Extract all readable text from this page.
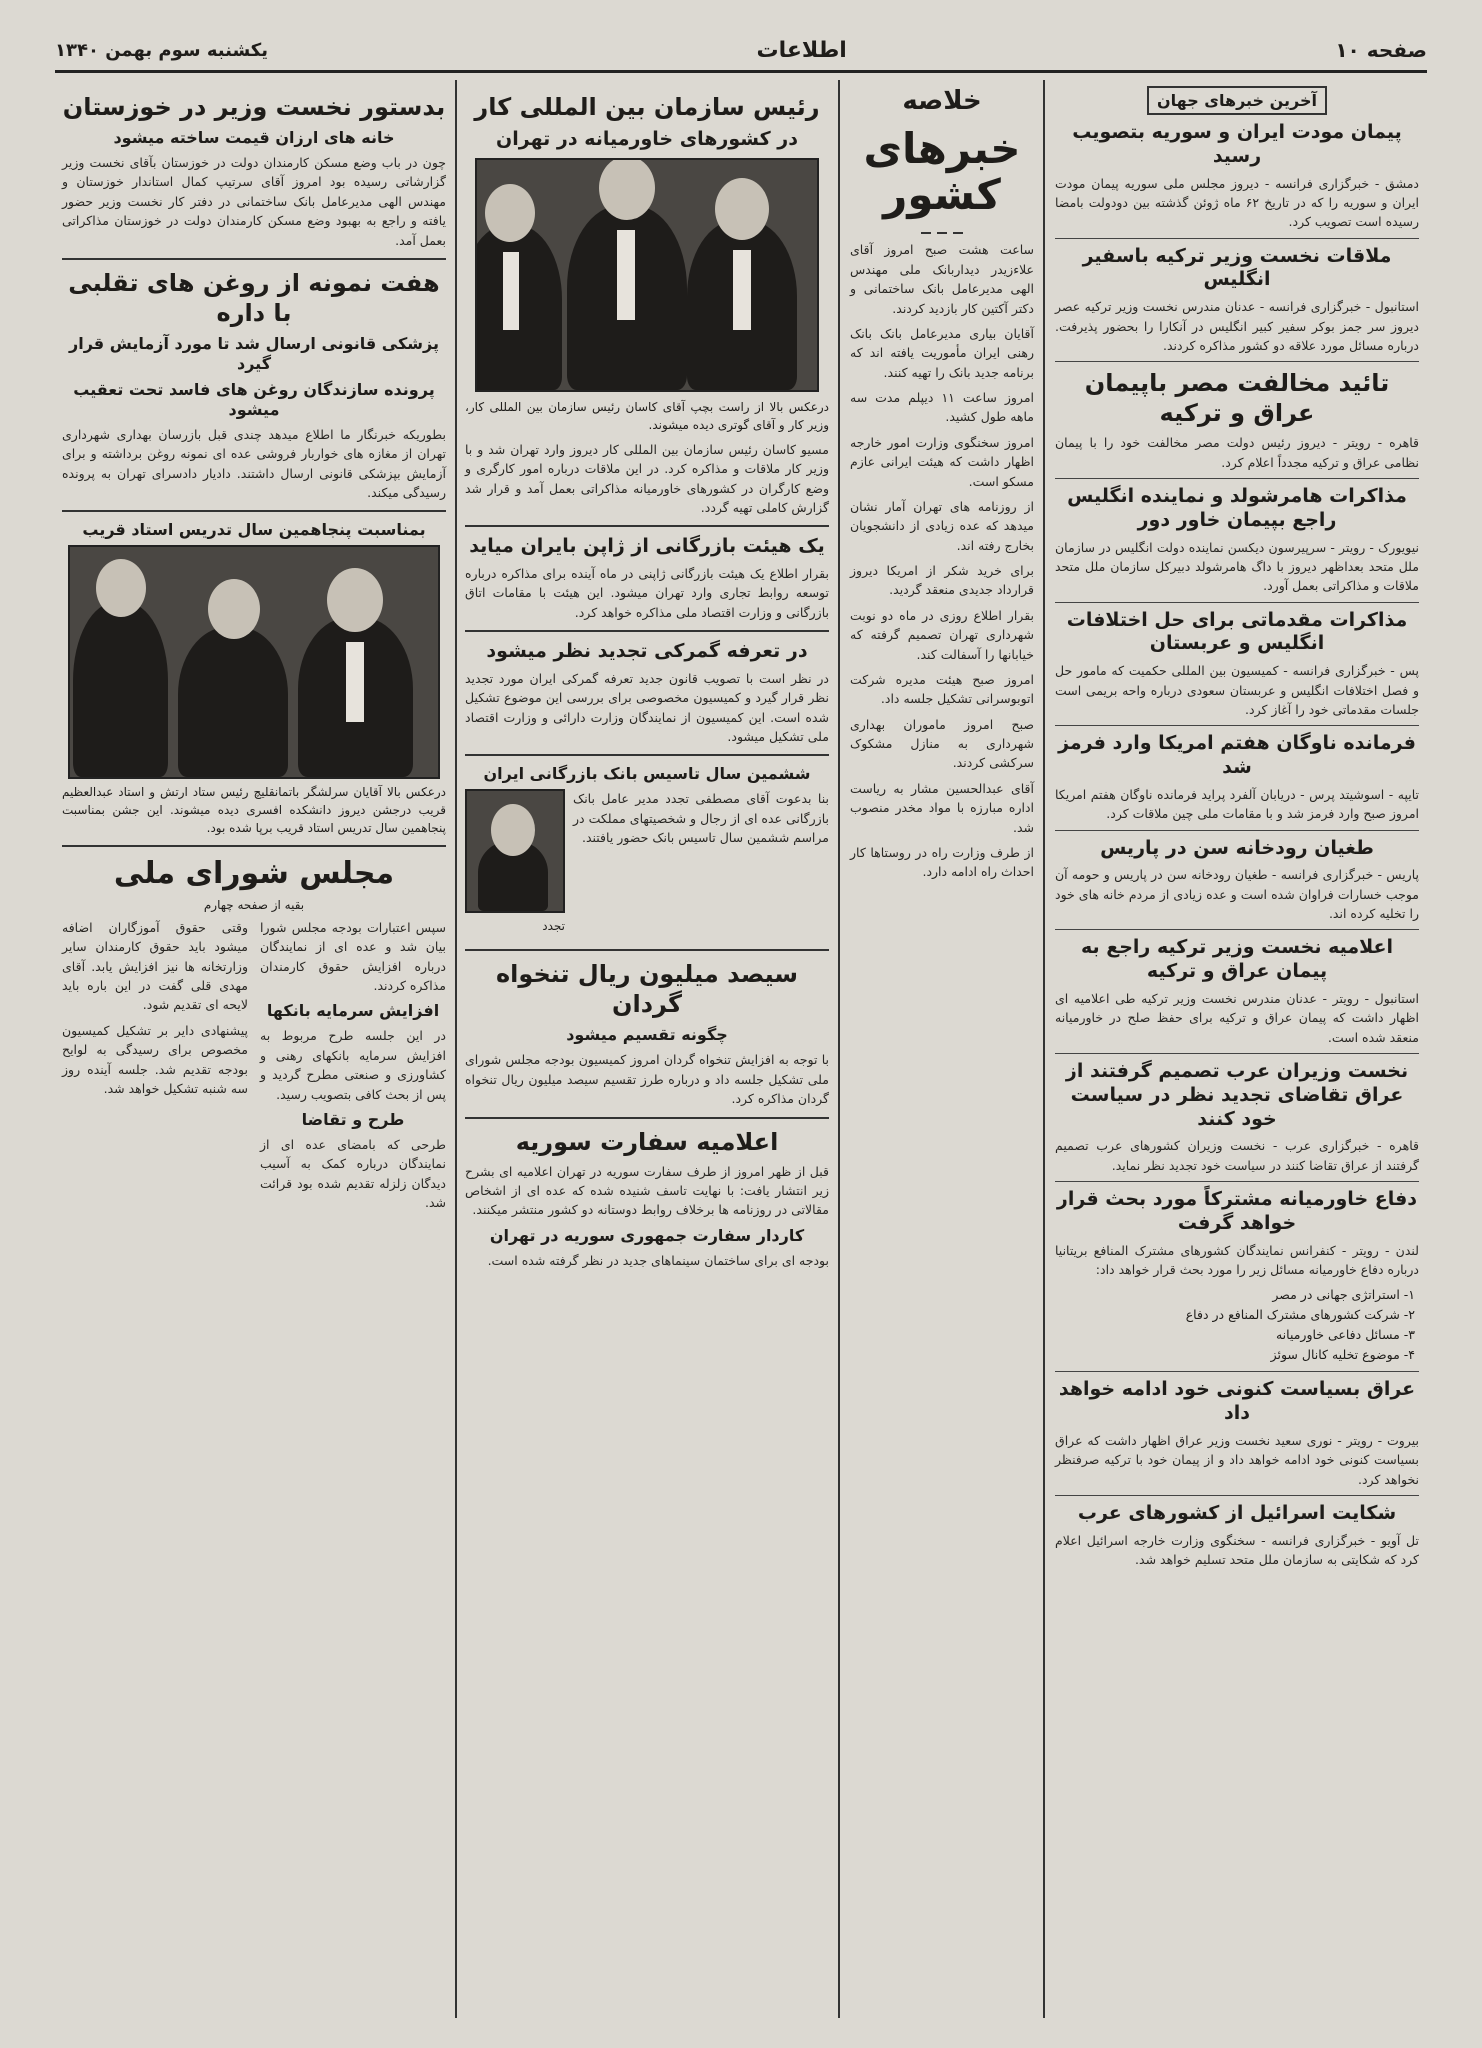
صفحه ۱۰
اطلاعات
یکشنبه سوم بهمن ۱۳۴۰
آخرین خبرهای جهان
پیمان مودت ایران و سوریه بتصویب رسید

دمشق - خبرگزاری فرانسه - دیروز مجلس ملی سوریه پیمان مودت ایران و سوریه را که در تاریخ ۶۲ ماه ژوئن گذشته بین دودولت بامضا رسیده است تصویب کرد.

ملاقات نخست وزیر ترکیه باسفیر انگلیس

استانبول - خبرگزاری فرانسه - عدنان مندرس نخست وزیر ترکیه عصر دیروز سر جمز بوکر سفیر کبیر انگلیس در آنکارا را بحضور پذیرفت. درباره مسائل مورد علاقه دو کشور مذاکره کردند.

تائید مخالفت مصر باپیمان عراق و ترکیه

قاهره - رویتر - دیروز رئیس دولت مصر مخالفت خود را با پیمان نظامی عراق و ترکیه مجدداً اعلام کرد.

مذاکرات هامرشولد و نماینده انگلیس راجع بپیمان خاور دور

نیویورک - رویتر - سرپیرسون دیکسن نماینده دولت انگلیس در سازمان ملل متحد بعداظهر دیروز با داگ هامرشولد دبیرکل سازمان ملل متحد ملاقات و مذاکراتی بعمل آورد.

مذاکرات مقدماتی برای حل اختلافات انگلیس و عربستان

پس - خبرگزاری فرانسه - کمیسیون بین المللی حکمیت که مامور حل و فصل اختلافات انگلیس و عربستان سعودی درباره واحه بریمی است جلسات مقدماتی خود را آغاز کرد.

فرمانده ناوگان هفتم امریکا وارد فرمز شد

تایپه - اسوشیتد پرس - دریابان آلفرد پراید فرمانده ناوگان هفتم امریکا امروز صبح وارد فرمز شد و با مقامات ملی چین ملاقات کرد.

طغیان رودخانه سن در پاریس

پاریس - خبرگزاری فرانسه - طغیان رودخانه سن در پاریس و حومه آن موجب خسارات فراوان شده است و عده زیادی از مردم خانه های خود را تخلیه کرده اند.

اعلامیه نخست وزیر ترکیه راجع به پیمان عراق و ترکیه

استانبول - رویتر - عدنان مندرس نخست وزیر ترکیه طی اعلامیه ای اظهار داشت که پیمان عراق و ترکیه برای حفظ صلح در خاورمیانه منعقد شده است.

نخست وزیران عرب تصمیم گرفتند از عراق تقاضای تجدید نظر در سیاست خود کنند

قاهره - خبرگزاری عرب - نخست وزیران کشورهای عرب تصمیم گرفتند از عراق تقاضا کنند در سیاست خود تجدید نظر نماید.

دفاع خاورمیانه مشترکاً مورد بحث قرار خواهد گرفت

لندن - رویتر - کنفرانس نمایندگان کشورهای مشترک المنافع بریتانیا درباره دفاع خاورمیانه مسائل زیر را مورد بحث قرار خواهد داد:

۱- استراتژی جهانی در مصر
۲- شرکت کشورهای مشترک المنافع در دفاع
۳- مسائل دفاعی خاورمیانه
۴- موضوع تخلیه کانال سوئز
عراق بسیاست کنونی خود ادامه خواهد داد

بیروت - رویتر - نوری سعید نخست وزیر عراق اظهار داشت که عراق بسیاست کنونی خود ادامه خواهد داد و از پیمان خود با ترکیه صرفنظر نخواهد کرد.

شکایت اسرائیل از کشورهای عرب

تل آویو - خبرگزاری فرانسه - سخنگوی وزارت خارجه اسرائیل اعلام کرد که شکایتی به سازمان ملل متحد تسلیم خواهد شد.

خلاصه
خبرهای کشور

ساعت هشت صبح امروز آقای علاءزیدر دیداربانک ملی مهندس الهی مدیرعامل بانک ساختمانی و دکتر آکتین کار بازدید کردند.

آقایان بیاری مدیرعامل بانک بانک رهنی ایران مأموریت یافته اند که برنامه جدید بانک را تهیه کنند.

امروز ساعت ۱۱ دیپلم مدت سه ماهه طول کشید.

امروز سخنگوی وزارت امور خارجه اظهار داشت که هیئت ایرانی عازم مسکو است.

از روزنامه های تهران آمار نشان میدهد که عده زیادی از دانشجویان بخارج رفته اند.

برای خرید شکر از امریکا دیروز قرارداد جدیدی منعقد گردید.

بقرار اطلاع روزی در ماه دو نوبت شهرداری تهران تصمیم گرفته که خیابانها را آسفالت کند.

امروز صبح هیئت مدیره شرکت اتوبوسرانی تشکیل جلسه داد.

صبح امروز ماموران بهداری شهرداری به منازل مشکوک سرکشی کردند.

آقای عبدالحسین مشار به ریاست اداره مبارزه با مواد مخدر منصوب شد.

از طرف وزارت راه در روستاها کار احداث راه ادامه دارد.

رئیس سازمان بین المللی کار
در کشورهای خاورمیانه در تهران

درعکس بالا از راست بچپ آقای کاسان رئیس سازمان بین المللی کار، وزیر کار و آقای گوتری دیده میشوند.

مسیو کاسان رئیس سازمان بین المللی کار دیروز وارد تهران شد و با وزیر کار ملاقات و مذاکره کرد. در این ملاقات درباره امور کارگری و وضع کارگران در کشورهای خاورمیانه مذاکراتی بعمل آمد و قرار شد گزارش کاملی تهیه گردد.

یک هیئت بازرگانی از ژاپن بایران میاید

بقرار اطلاع یک هیئت بازرگانی ژاپنی در ماه آینده برای مذاکره درباره توسعه روابط تجاری وارد تهران میشود. این هیئت با مقامات اتاق بازرگانی و وزارت اقتصاد ملی مذاکره خواهد کرد.

در تعرفه گمرکی تجدید نظر میشود

در نظر است با تصویب قانون جدید تعرفه گمرکی ایران مورد تجدید نظر قرار گیرد و کمیسیون مخصوصی برای بررسی این موضوع تشکیل شده است. این کمیسیون از نمایندگان وزارت دارائی و وزارت اقتصاد ملی تشکیل میشود.

ششمین سال تاسیس بانک بازرگانی ایران

بنا بدعوت آقای مصطفی تجدد مدیر عامل بانک بازرگانی عده ای از رجال و شخصیتهای مملکت در مراسم ششمین سال تاسیس بانک حضور یافتند.

تجدد
سیصد میلیون ریال تنخواه گردان
چگونه تقسیم میشود

با توجه به افزایش تنخواه گردان امروز کمیسیون بودجه مجلس شورای ملی تشکیل جلسه داد و درباره طرز تقسیم سیصد میلیون ریال تنخواه گردان مذاکره کرد.

اعلامیه سفارت سوریه

قبل از ظهر امروز از طرف سفارت سوریه در تهران اعلامیه ای بشرح زیر انتشار یافت: با نهایت تاسف شنیده شده که عده ای از اشخاص مقالاتی در روزنامه ها برخلاف روابط دوستانه دو کشور منتشر میکنند.

کاردار سفارت جمهوری سوریه در تهران

بودجه ای برای ساختمان سینماهای جدید در نظر گرفته شده است.

بدستور نخست وزیر در خوزستان
خانه های ارزان قیمت ساخته میشود

چون در باب وضع مسکن کارمندان دولت در خوزستان بآقای نخست وزیر گزارشاتی رسیده بود امروز آقای سرتیپ کمال استاندار خوزستان و مهندس الهی مدیرعامل بانک ساختمانی در دفتر کار نخست وزیر حضور یافته و راجع به بهبود وضع مسکن کارمندان دولت در خوزستان مذاکراتی بعمل آمد.

هفت نمونه از روغن های تقلبی با داره
پزشکی قانونی ارسال شد تا مورد آزمایش قرار گیرد
پرونده سازندگان روغن های فاسد تحت تعقیب میشود

بطوریکه خبرنگار ما اطلاع میدهد چندی قبل بازرسان بهداری شهرداری تهران از مغازه های خواربار فروشی عده ای نمونه روغن برداشته و برای آزمایش بپزشکی قانونی ارسال داشتند. دادیار دادسرای تهران به پرونده رسیدگی میکند.

بمناسبت پنجاهمین سال تدریس استاد قریب

درعکس بالا آقایان سرلشگر باتمانقلیچ رئیس ستاد ارتش و استاد عبدالعظیم قریب درجشن دیروز دانشکده افسری دیده میشوند. این جشن بمناسبت پنجاهمین سال تدریس استاد قریب برپا شده بود.

مجلس شورای ملی
بقیه از صفحه چهارم

سپس اعتبارات بودجه مجلس شورا بیان شد و عده ای از نمایندگان درباره افزایش حقوق کارمندان مذاکره کردند.

افزایش سرمایه بانکها

در این جلسه طرح مربوط به افزایش سرمایه بانکهای رهنی و کشاورزی و صنعتی مطرح گردید و پس از بحث کافی بتصویب رسید.

طرح و تقاضا

طرحی که بامضای عده ای از نمایندگان درباره کمک به آسیب دیدگان زلزله تقدیم شده بود قرائت شد.

وقتی حقوق آموزگاران اضافه میشود باید حقوق کارمندان سایر وزارتخانه ها نیز افزایش یابد. آقای مهدی قلی گفت در این باره باید لایحه ای تقدیم شود.

پیشنهادی دایر بر تشکیل کمیسیون مخصوص برای رسیدگی به لوایح بودجه تقدیم شد. جلسه آینده روز سه شنبه تشکیل خواهد شد.
